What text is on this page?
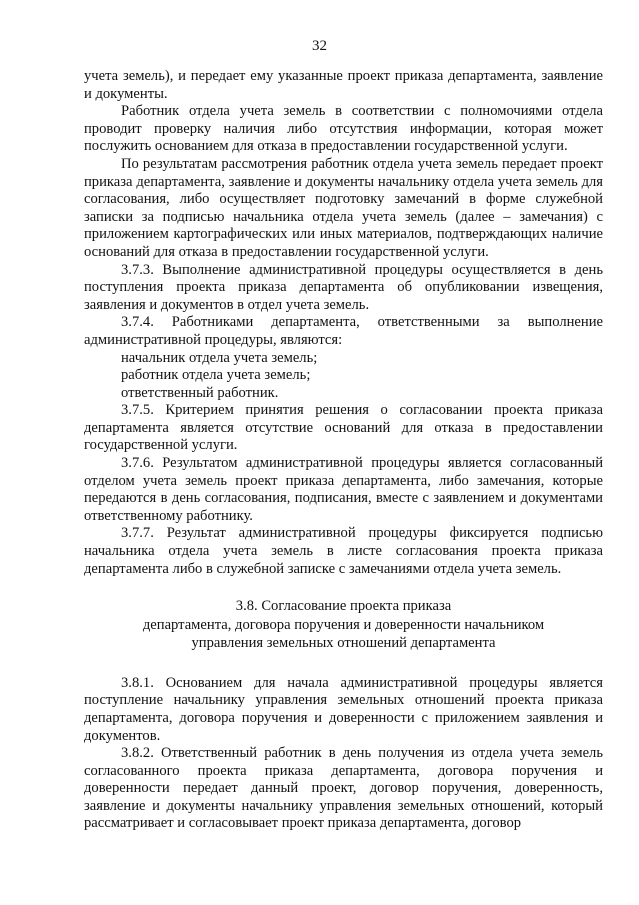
32

учета земель), и передает ему указанные проект приказа департамента, заявление и документы.

Работник отдела учета земель в соответствии с полномочиями отдела проводит проверку наличия либо отсутствия информации, которая может послужить основанием для отказа в предоставлении государственной услуги.

По результатам рассмотрения работник отдела учета земель передает проект приказа департамента, заявление и документы начальнику отдела учета земель для согласования, либо осуществляет подготовку замечаний в форме служебной записки за подписью начальника отдела учета земель (далее – замечания) с приложением картографических или иных материалов, подтверждающих наличие оснований для отказа в предоставлении государственной услуги.

3.7.3. Выполнение административной процедуры осуществляется в день поступления проекта приказа департамента об опубликовании извещения, заявления и документов в отдел учета земель.

3.7.4. Работниками департамента, ответственными за выполнение административной процедуры, являются:

начальник отдела учета земель;

работник отдела учета земель;

ответственный работник.

3.7.5. Критерием принятия решения о согласовании проекта приказа департамента является отсутствие оснований для отказа в предоставлении государственной услуги.

3.7.6. Результатом административной процедуры является согласованный отделом учета земель проект приказа департамента, либо замечания, которые передаются в день согласования, подписания, вместе с заявлением и документами ответственному работнику.

3.7.7. Результат административной процедуры фиксируется подписью начальника отдела учета земель в листе согласования проекта приказа департамента либо в служебной записке с замечаниями отдела учета земель.

3.8. Согласование проекта приказа
департамента, договора поручения и доверенности начальником
управления земельных отношений департамента

3.8.1. Основанием для начала административной процедуры является поступление начальнику управления земельных отношений проекта приказа департамента, договора поручения и доверенности с приложением заявления и документов.

3.8.2. Ответственный работник в день получения из отдела учета земель согласованного проекта приказа департамента, договора поручения и доверенности передает данный проект, договор поручения, доверенность, заявление и документы начальнику управления земельных отношений, который рассматривает и согласовывает проект приказа департамента, договор
